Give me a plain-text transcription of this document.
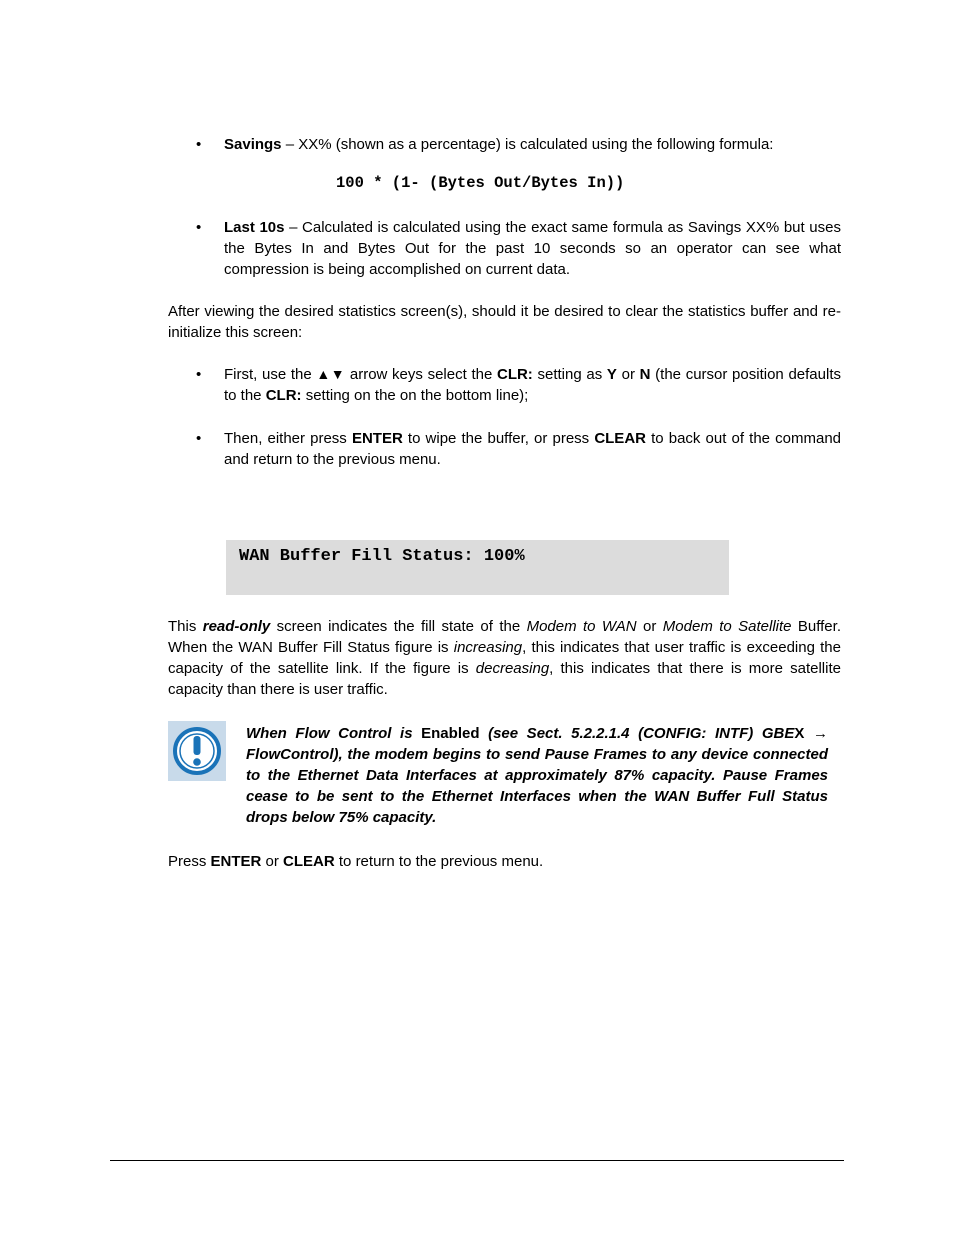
•	Savings – XX% (shown as a percentage) is calculated using the following formula:
100 * (1- (Bytes Out/Bytes In))
•	Last 10s – Calculated is calculated using the exact same formula as Savings XX% but uses the Bytes In and Bytes Out for the past 10 seconds so an operator can see what compression is being accomplished on current data.
After viewing the desired statistics screen(s), should it be desired to clear the statistics buffer and re-initialize this screen:
•	First, use the ▲▼ arrow keys select the CLR: setting as Y or N (the cursor position defaults to the CLR: setting on the on the bottom line);
•	Then, either press ENTER to wipe the buffer, or press CLEAR to back out of the command and return to the previous menu.
WAN Buffer Fill Status: 100%
This read-only screen indicates the fill state of the Modem to WAN or Modem to Satellite Buffer. When the WAN Buffer Fill Status figure is increasing, this indicates that user traffic is exceeding the capacity of the satellite link. If the figure is decreasing, this indicates that there is more satellite capacity than there is user traffic.
When Flow Control is Enabled (see Sect. 5.2.2.1.4 (CONFIG: INTF) GBEX → FlowControl), the modem begins to send Pause Frames to any device connected to the Ethernet Data Interfaces at approximately 87% capacity. Pause Frames cease to be sent to the Ethernet Interfaces when the WAN Buffer Full Status drops below 75% capacity.
Press ENTER or CLEAR to return to the previous menu.
